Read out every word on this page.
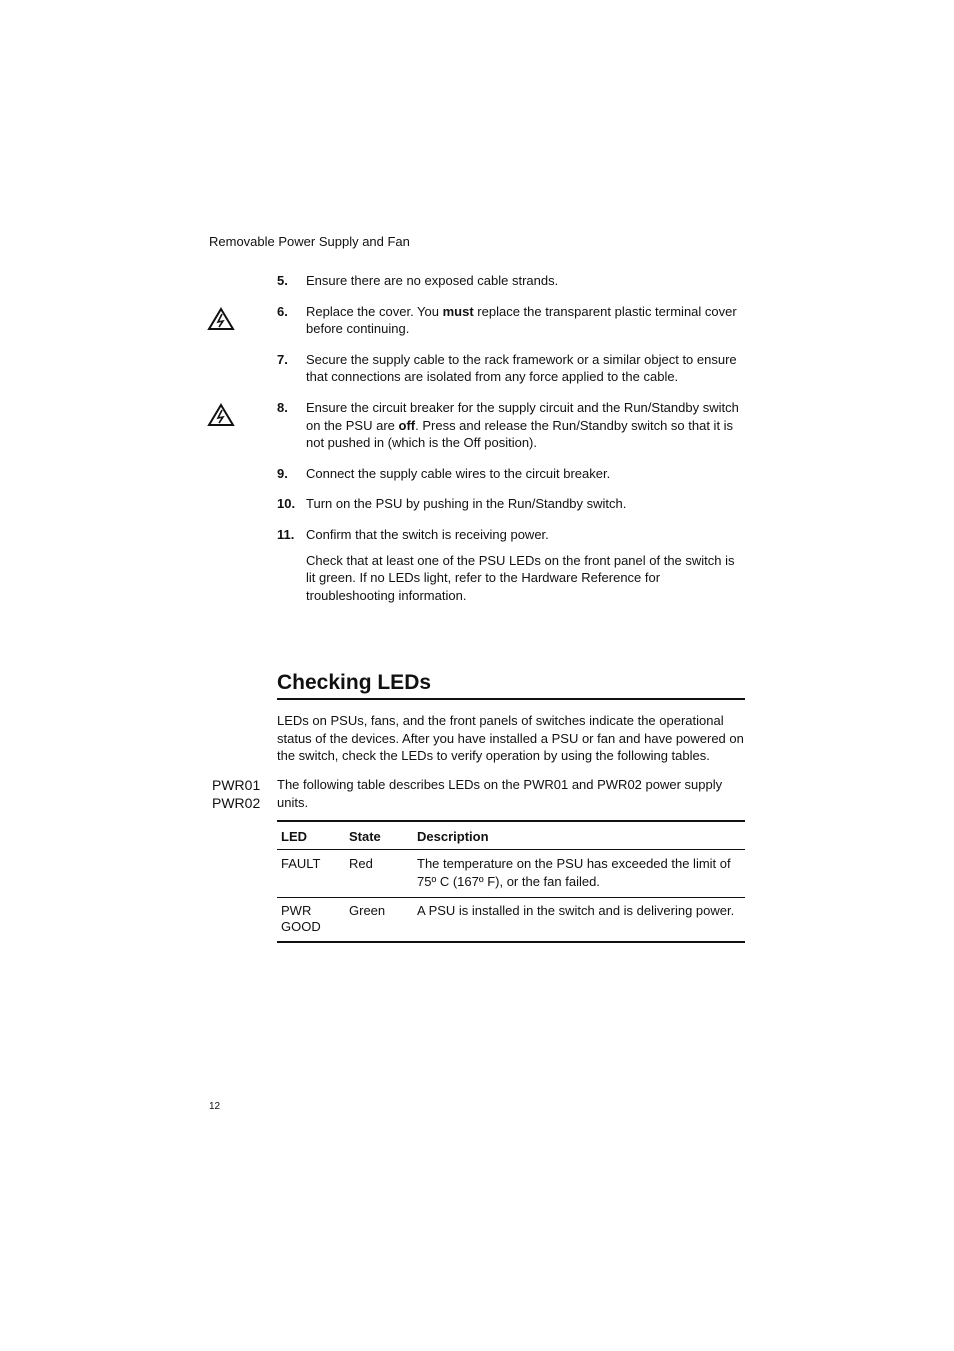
Removable Power Supply and Fan
5. Ensure there are no exposed cable strands.
6. Replace the cover. You must replace the transparent plastic terminal cover before continuing.
7. Secure the supply cable to the rack framework or a similar object to ensure that connections are isolated from any force applied to the cable.
8. Ensure the circuit breaker for the supply circuit and the Run/Standby switch on the PSU are off. Press and release the Run/Standby switch so that it is not pushed in (which is the Off position).
9. Connect the supply cable wires to the circuit breaker.
10. Turn on the PSU by pushing in the Run/Standby switch.
11. Confirm that the switch is receiving power.
Check that at least one of the PSU LEDs on the front panel of the switch is lit green. If no LEDs light, refer to the Hardware Reference for troubleshooting information.
Checking LEDs
LEDs on PSUs, fans, and the front panels of switches indicate the operational status of the devices. After you have installed a PSU or fan and have powered on the switch, check the LEDs to verify operation by using the following tables.
PWR01
PWR02
The following table describes LEDs on the PWR01 and PWR02 power supply units.
LED	State	Description
FAULT	Red	The temperature on the PSU has exceeded the limit of 75º C (167º F), or the fan failed.
PWR GOOD	Green	A PSU is installed in the switch and is delivering power.
12
